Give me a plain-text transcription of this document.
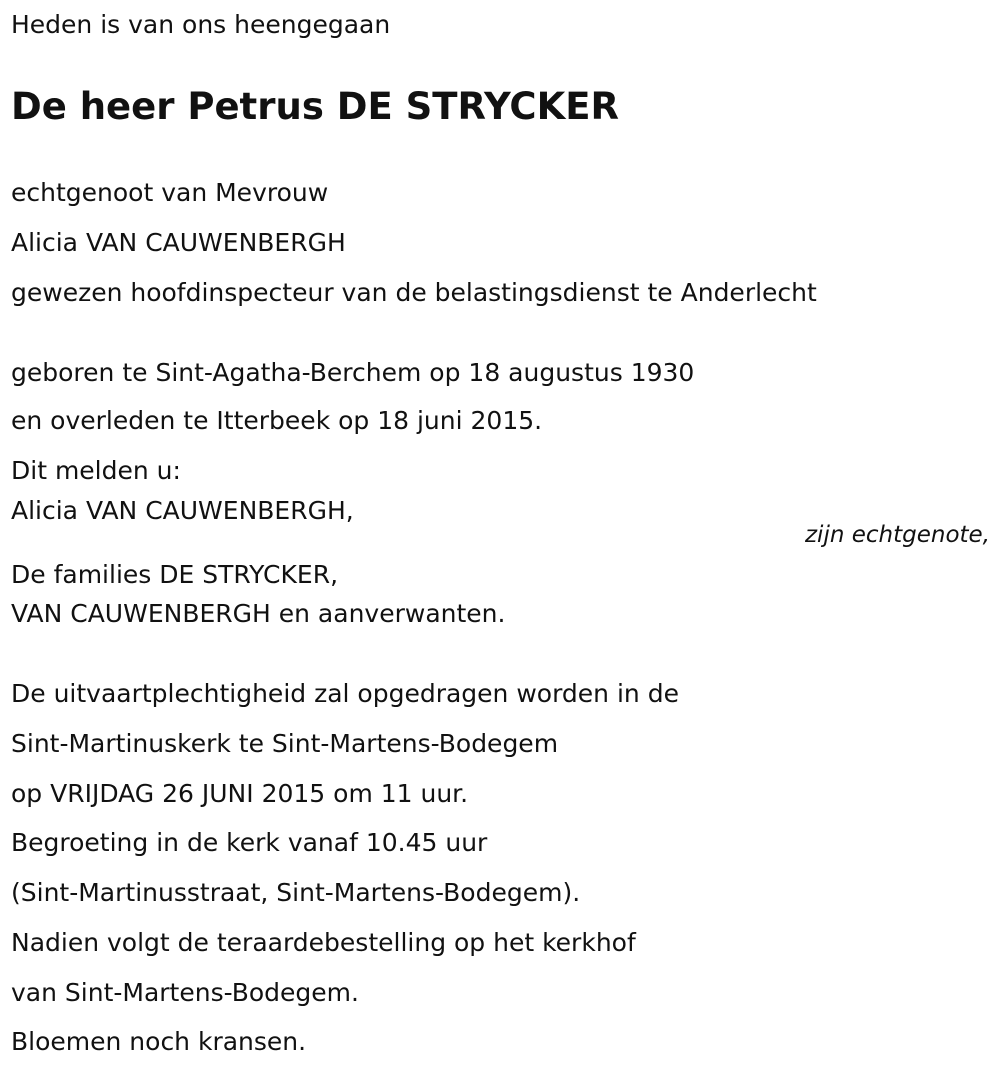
Heden is van ons heengegaan
De heer Petrus DE STRYCKER
echtgenoot van Mevrouw
Alicia VAN CAUWENBERGH
gewezen hoofdinspecteur van de belastingsdienst te Anderlecht
geboren te Sint-Agatha-Berchem op 18 augustus 1930
en overleden te Itterbeek op 18 juni 2015.
Dit melden u:
Alicia VAN CAUWENBERGH,
zijn echtgenote,
De families DE STRYCKER,
VAN CAUWENBERGH en aanverwanten.
De uitvaartplechtigheid zal opgedragen worden in de
Sint-Martinuskerk te Sint-Martens-Bodegem
op VRIJDAG 26 JUNI 2015 om 11 uur.
Begroeting in de kerk vanaf 10.45 uur
(Sint-Martinusstraat, Sint-Martens-Bodegem).
Nadien volgt de teraardebestelling op het kerkhof
van Sint-Martens-Bodegem.
Bloemen noch kransen.
